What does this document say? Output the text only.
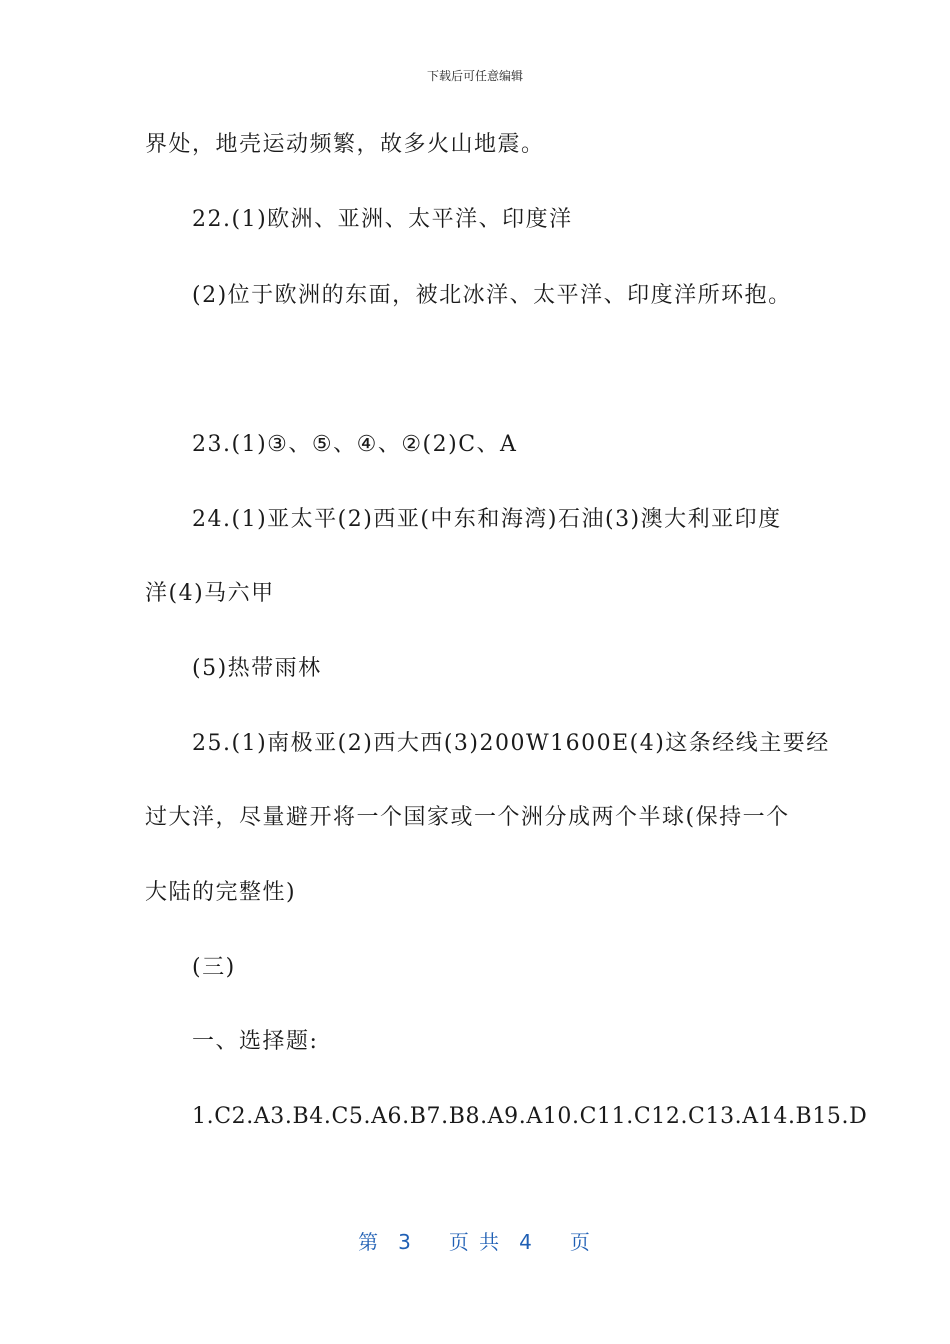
下载后可任意编辑
界处，地壳运动频繁，故多火山地震。
22.(1)欧洲、亚洲、太平洋、印度洋
(2)位于欧洲的东面，被北冰洋、太平洋、印度洋所环抱。
23.(1)③、⑤、④、②(2)C、A
24.(1)亚太平(2)西亚(中东和海湾)石油(3)澳大利亚印度
洋(4)马六甲
(5)热带雨林
25.(1)南极亚(2)西大西(3)200W1600E(4)这条经线主要经
过大洋，尽量避开将一个国家或一个洲分成两个半球(保持一个
大陆的完整性)
(三)
一、选择题:
1.C2.A3.B4.C5.A6.B7.B8.A9.A10.C11.C12.C13.A14.B15.D
第 3 页 共 4 页
